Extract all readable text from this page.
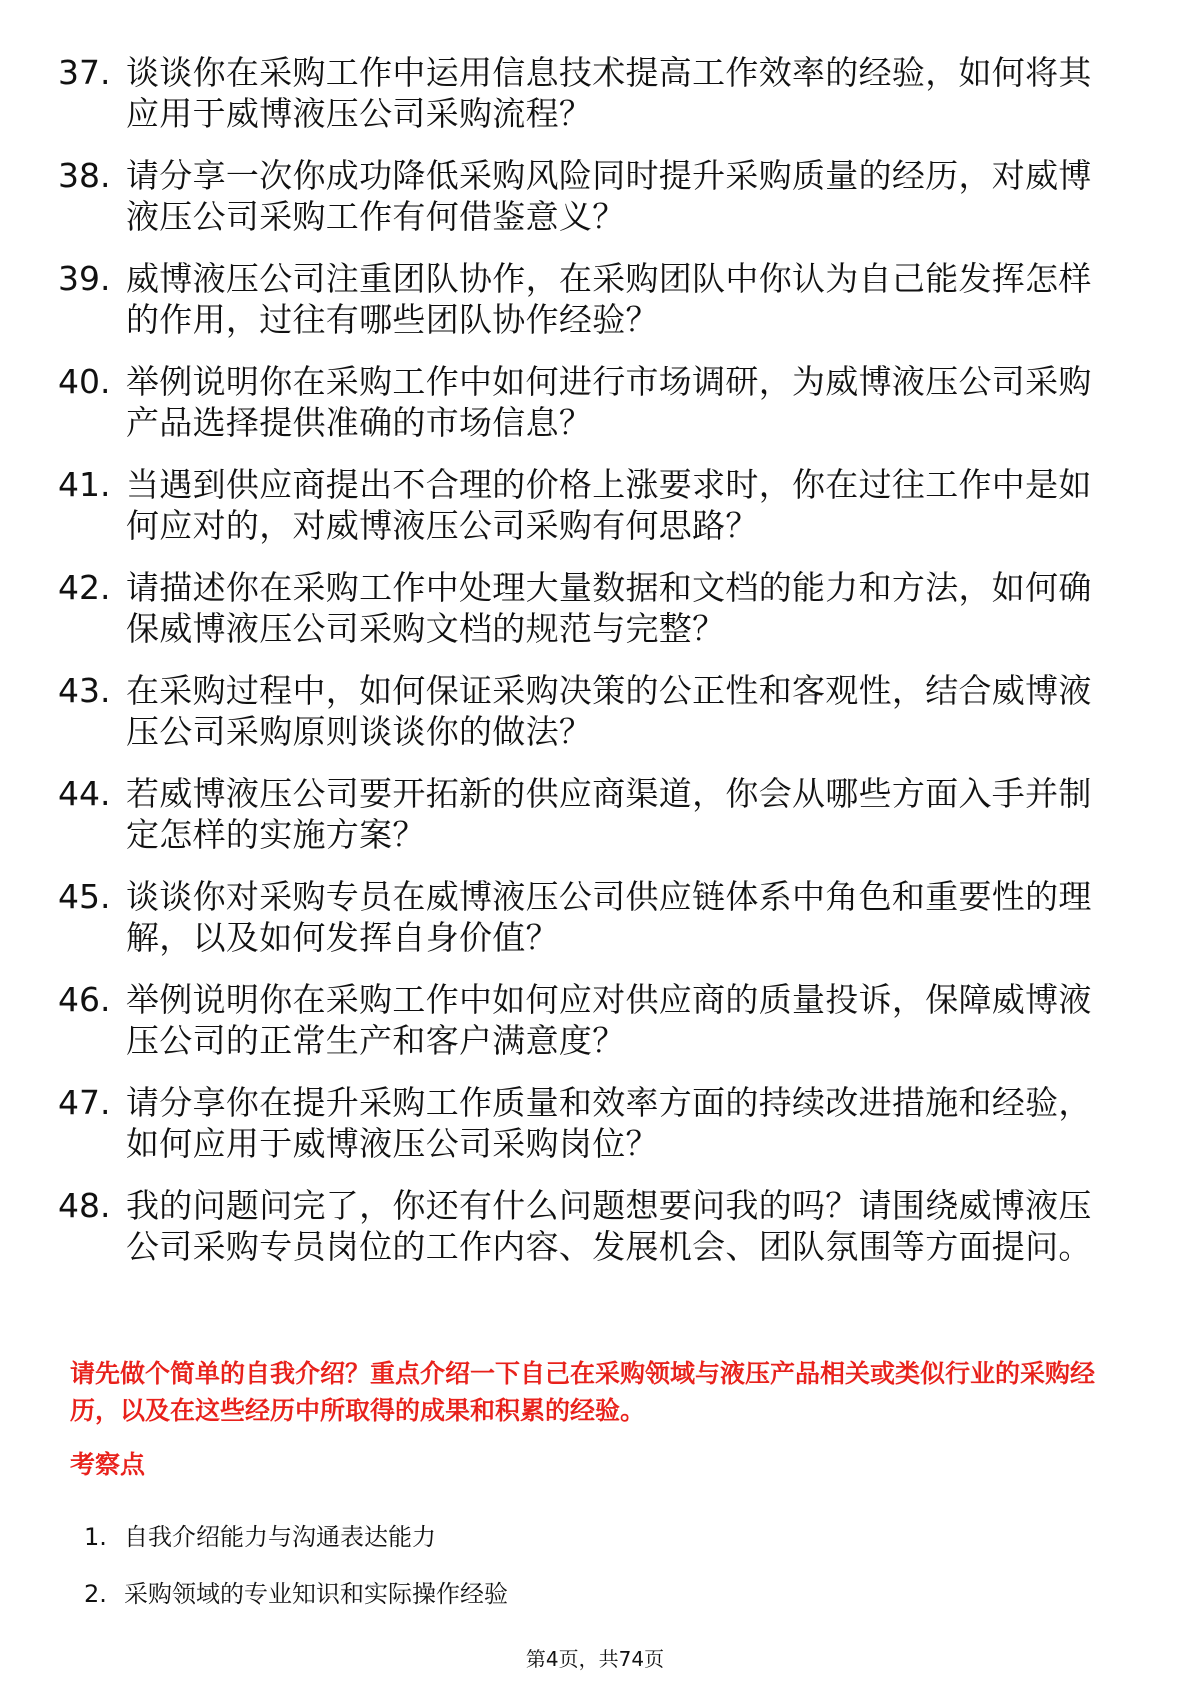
37. 谈谈你在采购工作中运用信息技术提高工作效率的经验，如何将其应用于威博液压公司采购流程？
38. 请分享一次你成功降低采购风险同时提升采购质量的经历，对威博液压公司采购工作有何借鉴意义？
39. 威博液压公司注重团队协作，在采购团队中你认为自己能发挥怎样的作用，过往有哪些团队协作经验？
40. 举例说明你在采购工作中如何进行市场调研，为威博液压公司采购产品选择提供准确的市场信息？
41. 当遇到供应商提出不合理的价格上涨要求时，你在过往工作中是如何应对的，对威博液压公司采购有何思路？
42. 请描述你在采购工作中处理大量数据和文档的能力和方法，如何确保威博液压公司采购文档的规范与完整？
43. 在采购过程中，如何保证采购决策的公正性和客观性，结合威博液压公司采购原则谈谈你的做法？
44. 若威博液压公司要开拓新的供应商渠道，你会从哪些方面入手并制定怎样的实施方案？
45. 谈谈你对采购专员在威博液压公司供应链体系中角色和重要性的理解，以及如何发挥自身价值？
46. 举例说明你在采购工作中如何应对供应商的质量投诉，保障威博液压公司的正常生产和客户满意度？
47. 请分享你在提升采购工作质量和效率方面的持续改进措施和经验，如何应用于威博液压公司采购岗位？
48. 我的问题问完了，你还有什么问题想要问我的吗？请围绕威博液压公司采购专员岗位的工作内容、发展机会、团队氛围等方面提问。

请先做个简单的自我介绍？重点介绍一下自己在采购领域与液压产品相关或类似行业的采购经历，以及在这些经历中所取得的成果和积累的经验。

考察点
1. 自我介绍能力与沟通表达能力
2. 采购领域的专业知识和实际操作经验
第4页，共74页
